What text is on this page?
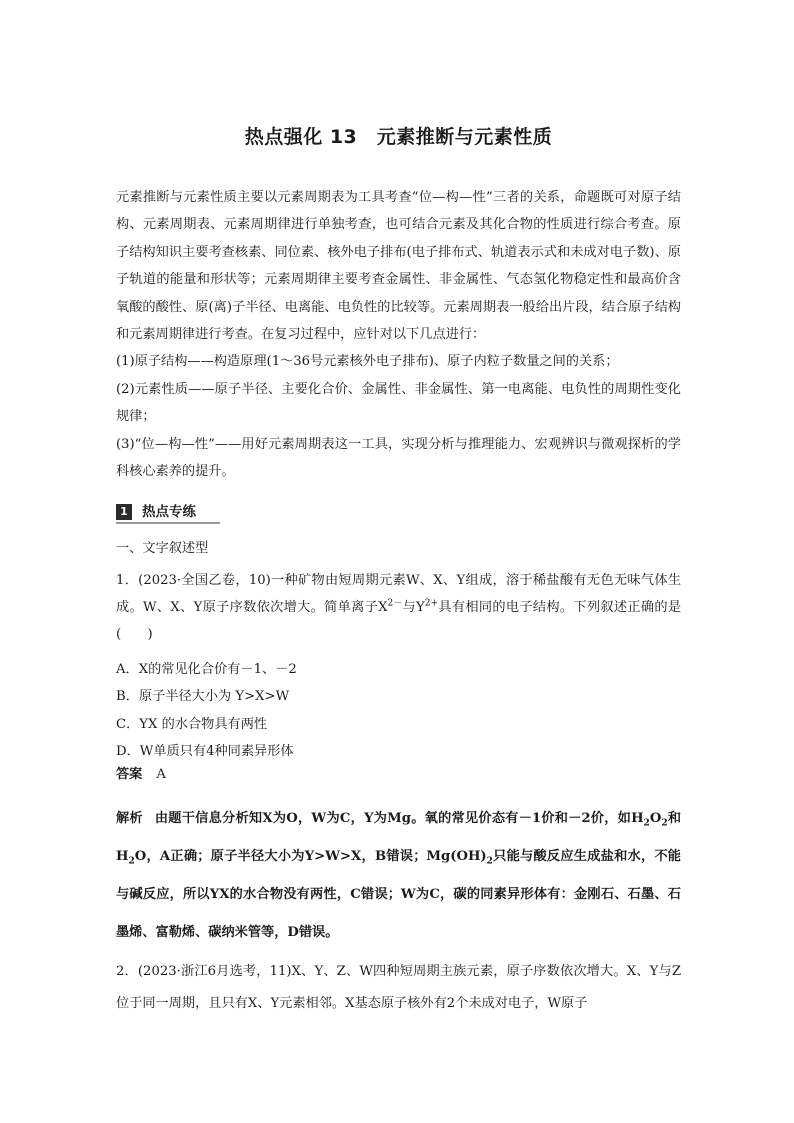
热点强化 13　元素推断与元素性质

元素推断与元素性质主要以元素周期表为工具考查“位—构—性”三者的关系，命题既可对原子结构、元素周期表、元素周期律进行单独考查，也可结合元素及其化合物的性质进行综合考查。原子结构知识主要考查核素、同位素、核外电子排布(电子排布式、轨道表示式和未成对电子数)、原子轨道的能量和形状等；元素周期律主要考查金属性、非金属性、气态氢化物稳定性和最高价含氧酸的酸性、原(离)子半径、电离能、电负性的比较等。元素周期表一般给出片段，结合原子结构和元素周期律进行考查。在复习过程中，应针对以下几点进行：

(1)原子结构——构造原理(1～36号元素核外电子排布)、原子内粒子数量之间的关系；

(2)元素性质——原子半径、主要化合价、金属性、非金属性、第一电离能、电负性的周期性变化规律；

(3)“位—构—性”——用好元素周期表这一工具，实现分析与推理能力、宏观辨识与微观探析的学科核心素养的提升。

1	热点专练
一、文字叙述型

1．(2023·全国乙卷，10)一种矿物由短周期元素W、X、Y组成，溶于稀盐酸有无色无味气体生成。W、X、Y原子序数依次增大。简单离子$X^{2-}$与$Y^{2+}$具有相同的电子结构。下列叙述正确的是(　　)

A．X的常见化合价有－1、－2
B．原子半径大小为 Y>X>W
C．YX 的水合物具有两性
D．W单质只有4种同素异形体
答案 A
解析 由题干信息分析知X为O，W为C，Y为Mg。氧的常见价态有－1价和－2价，如$H_2O_2$和$H_2O$，A正确；原子半径大小为Y>W>X，B错误；$Mg(OH)_2$只能与酸反应生成盐和水，不能与碱反应，所以YX的水合物没有两性，C错误；W为C，碳的同素异形体有：金刚石、石墨、石墨烯、富勒烯、碳纳米管等，D错误。

2．(2023·浙江6月选考，11)X、Y、Z、W四种短周期主族元素，原子序数依次增大。X、Y与Z位于同一周期，且只有X、Y元素相邻。X基态原子核外有2个未成对电子，W原子
